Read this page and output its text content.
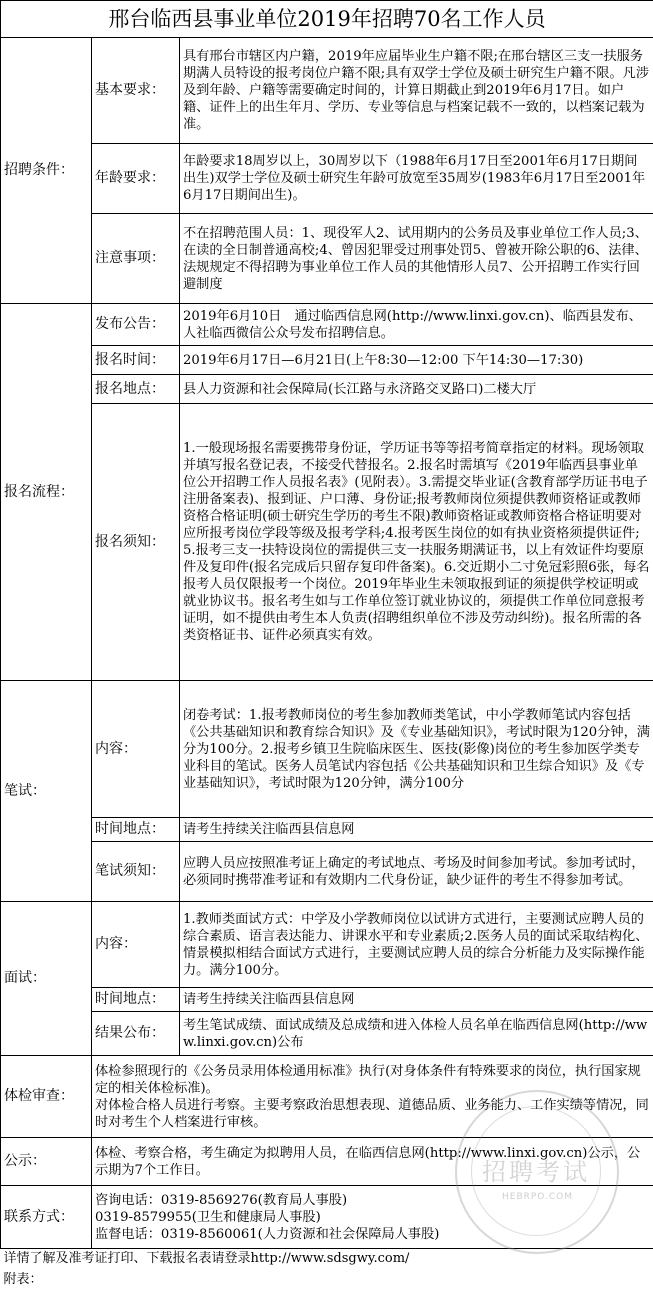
邢台临西县事业单位2019年招聘70名工作人员		
招聘条件：	基本要求：	具有邢台市辖区内户籍，2019年应届毕业生户籍不限;在邢台辖区三支一扶服务期满人员特设的报考岗位户籍不限;具有双学士学位及硕士研究生户籍不限。凡涉及到年龄、户籍等需要确定时间的，计算日期截止到2019年6月17日。如户籍、证件上的出生年月、学历、专业等信息与档案记载不一致的，以档案记载为准。
	年龄要求：	年龄要求18周岁以上，30周岁以下（1988年6月17日至2001年6月17日期间出生)双学士学位及硕士研究生年龄可放宽至35周岁(1983年6月17日至2001年6月17日期间出生)。
	注意事项：	不在招聘范围人员：1、现役军人2、试用期内的公务员及事业单位工作人员;3、在读的全日制普通高校;4、曾因犯罪受过刑事处罚5、曾被开除公职的6、法律、法规规定不得招聘为事业单位工作人员的其他情形人员7、公开招聘工作实行回避制度
报名流程：	发布公告：	2019年6月10日　通过临西信息网(http://www.linxi.gov.cn)、临西县发布、人社临西微信公众号发布招聘信息。
	报名时间：	2019年6月17日—6月21日(上午8:30—12:00 下午14:30—17:30)
	报名地点：	县人力资源和社会保障局(长江路与永济路交叉路口)二楼大厅
	报名须知：	1.一般现场报名需要携带身份证，学历证书等等招考简章指定的材料。现场领取并填写报名登记表，不接受代替报名。2.报名时需填写《2019年临西县事业单位公开招聘工作人员报名表》(见附表）。3.需提交毕业证(含教育部学历证书电子注册备案表)、报到证、户口薄、身份证;报考教师岗位须提供教师资格证或教师资格合格证明(硕士研究生学历的考生不限)教师资格证或教师资格合格证明要对应所报考岗位学段等级及报考学科;4.报考医生岗位的如有执业资格须提供证件;5.报考三支一扶特设岗位的需提供三支一扶服务期满证书，以上有效证件均要原件及复印件(报名完成后只留存复印件备案)。6.交近期小二寸免冠彩照6张，每名报考人员仅限报考一个岗位。2019年毕业生未领取报到证的须提供学校证明或就业协议书。报名考生如与工作单位签订就业协议的，须提供工作单位同意报考证明，如不提供由考生本人负责(招聘组织单位不涉及劳动纠纷)。报名所需的各类资格证书、证件必须真实有效。
笔试：	内容：	闭卷考试：1.报考教师岗位的考生参加教师类笔试，中小学教师笔试内容包括《公共基础知识和教育综合知识》及《专业基础知识》，考试时限为120分钟，满分为100分。2.报考乡镇卫生院临床医生、医技(影像)岗位的考生参加医学类专业科目的笔试。医务人员笔试内容包括《公共基础知识和卫生综合知识》及《专业基础知识》，考试时限为120分钟，满分100分
	时间地点：	请考生持续关注临西县信息网
	笔试须知：	应聘人员应按照准考证上确定的考试地点、考场及时间参加考试。参加考试时，必须同时携带准考证和有效期内二代身份证，缺少证件的考生不得参加考试。
面试：	内容：	1.教师类面试方式：中学及小学教师岗位以试讲方式进行，主要测试应聘人员的综合素质、语言表达能力、讲课水平和专业素质;2.医务人员的面试采取结构化、情景模拟相结合面试方式进行，主要测试应聘人员的综合分析能力及实际操作能力。满分100分。
	时间地点：	请考生持续关注临西县信息网
	结果公布：	考生笔试成绩、面试成绩及总成绩和进入体检人员名单在临西信息网(http://www.linxi.gov.cn)公布
体检审查：	体检参照现行的《公务员录用体检通用标准》执行(对身体条件有特殊要求的岗位，执行国家规定的相关体检标准)。
对体检合格人员进行考察。主要考察政治思想表现、道德品质、业务能力、工作实绩等情况，同时对考生个人档案进行审核。	

公示：	体检、考察合格，考生确定为拟聘用人员，在临西信息网(http://www.linxi.gov.cn)公示，公示期为7个工作日。	
联系方式：	咨询电话：0319-8569276(教育局人事股)
0319-8579955(卫生和健康局人事股)
监督电话：0319-8560061(人力资源和社会保障局人事股)	

详情了解及准考证打印、下载报名表请登录http://www.sdsgwy.com/		
附表：		
招聘考试
HEBRPO.COM
